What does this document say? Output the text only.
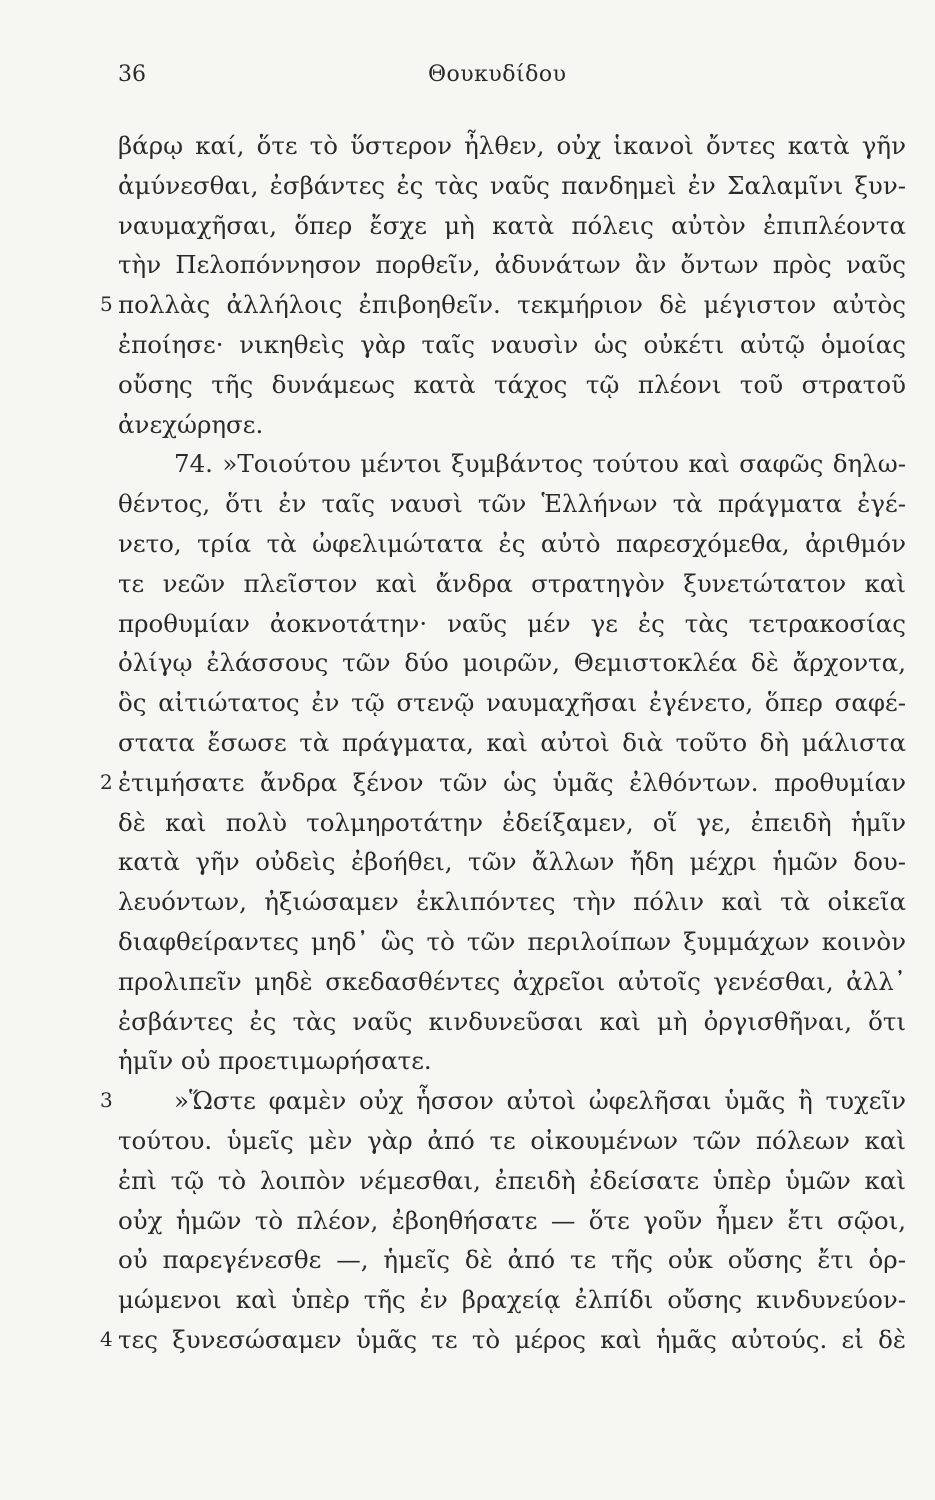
36	Θουκυδίδου
βάρῳ καί, ὅτε τὸ ὕστερον ἦλθεν, οὐχ ἱκανοὶ ὄντες κατὰ γῆν
ἀμύνεσθαι, ἐσβάντες ἐς τὰς ναῦς πανδημεὶ ἐν Σαλαμῖνι ξυν-
ναυμαχῆσαι, ὅπερ ἔσχε μὴ κατὰ πόλεις αὐτὸν ἐπιπλέοντα
τὴν Πελοπόννησον πορθεῖν, ἀδυνάτων ἂν ὄντων πρὸς ναῦς
5 πολλὰς ἀλλήλοις ἐπιβοηθεῖν. τεκμήριον δὲ μέγιστον αὐτὸς
ἐποίησε· νικηθεὶς γὰρ ταῖς ναυσὶν ὡς οὐκέτι αὐτῷ ὁμοίας
οὔσης τῆς δυνάμεως κατὰ τάχος τῷ πλέονι τοῦ στρατοῦ
ἀνεχώρησε.
74. »Τοιούτου μέντοι ξυμβάντος τούτου καὶ σαφῶς δηλω-
θέντος, ὅτι ἐν ταῖς ναυσὶ τῶν Ἑλλήνων τὰ πράγματα ἐγέ-
νετο, τρία τὰ ὠφελιμώτατα ἐς αὐτὸ παρεσχόμεθα, ἀριθμόν
τε νεῶν πλεῖστον καὶ ἄνδρα στρατηγὸν ξυνετώτατον καὶ
προθυμίαν ἀοκνοτάτην· ναῦς μέν γε ἐς τὰς τετρακοσίας
ὀλίγῳ ἐλάσσους τῶν δύο μοιρῶν, Θεμιστοκλέα δὲ ἄρχοντα,
ὃς αἰτιώτατος ἐν τῷ στενῷ ναυμαχῆσαι ἐγένετο, ὅπερ σαφέ-
στατα ἔσωσε τὰ πράγματα, καὶ αὐτοὶ διὰ τοῦτο δὴ μάλιστα
2 ἐτιμήσατε ἄνδρα ξένον τῶν ὡς ὑμᾶς ἐλθόντων. προθυμίαν
δὲ καὶ πολὺ τολμηροτάτην ἐδείξαμεν, οἵ γε, ἐπειδὴ ἡμῖν
κατὰ γῆν οὐδεὶς ἐβοήθει, τῶν ἄλλων ἤδη μέχρι ἡμῶν δου-
λευόντων, ἠξιώσαμεν ἐκλιπόντες τὴν πόλιν καὶ τὰ οἰκεῖα
διαφθείραντες μηδ᾽ ὣς τὸ τῶν περιλοίπων ξυμμάχων κοινὸν
προλιπεῖν μηδὲ σκεδασθέντες ἀχρεῖοι αὐτοῖς γενέσθαι, ἀλλ᾽
ἐσβάντες ἐς τὰς ναῦς κινδυνεῦσαι καὶ μὴ ὀργισθῆναι, ὅτι
ἡμῖν οὐ προετιμωρήσατε.
3	»Ὥστε φαμὲν οὐχ ἧσσον αὐτοὶ ὠφελῆσαι ὑμᾶς ἢ τυχεῖν
τούτου. ὑμεῖς μὲν γὰρ ἀπό τε οἰκουμένων τῶν πόλεων καὶ
ἐπὶ τῷ τὸ λοιπὸν νέμεσθαι, ἐπειδὴ ἐδείσατε ὑπὲρ ὑμῶν καὶ
οὐχ ἡμῶν τὸ πλέον, ἐβοηθήσατε — ὅτε γοῦν ἦμεν ἔτι σῷοι,
οὐ παρεγένεσθε —, ἡμεῖς δὲ ἀπό τε τῆς οὐκ οὔσης ἔτι ὁρ-
μώμενοι καὶ ὑπὲρ τῆς ἐν βραχείᾳ ἐλπίδι οὔσης κινδυνεύον-
4 τες ξυνεσώσαμεν ὑμᾶς τε τὸ μέρος καὶ ἡμᾶς αὐτούς. εἰ δὲ
